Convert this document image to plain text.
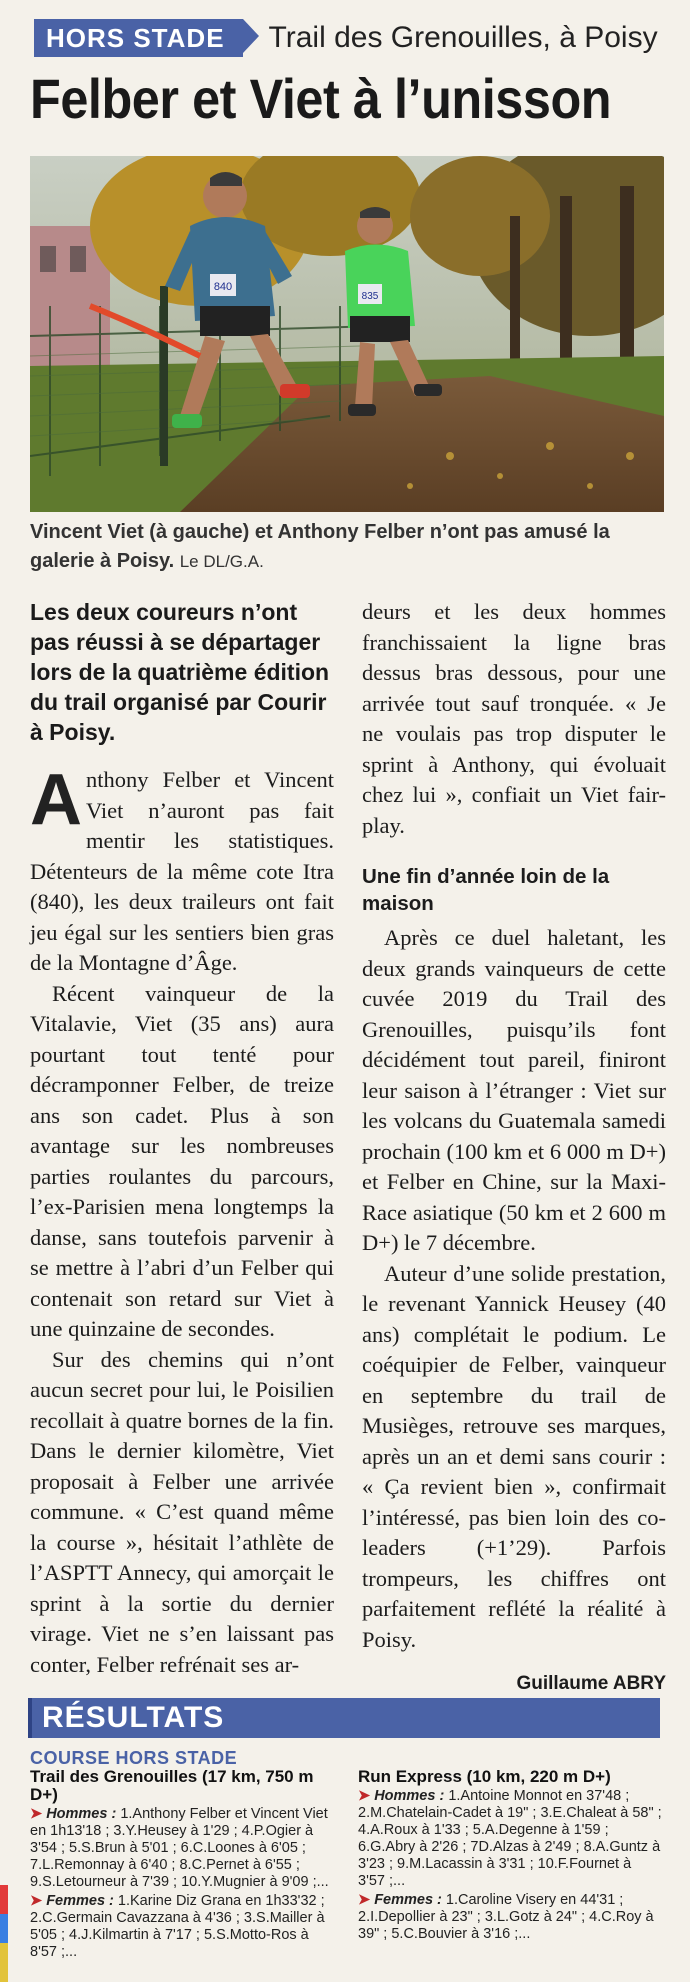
HORS STADE	Trail des Grenouilles, à Poisy
Felber et Viet à l’unisson
840
835
Vincent Viet (à gauche) et Anthony Felber n’ont pas amusé la galerie à Poisy. Le DL/G.A.
Les deux coureurs n’ont pas réussi à se départager lors de la quatrième édition du trail organisé par Courir à Poisy.

Anthony Felber et Vincent Viet n’auront pas fait mentir les statistiques. Détenteurs de la même cote Itra (840), les deux traileurs ont fait jeu égal sur les sentiers bien gras de la Montagne d’Âge.

Récent vainqueur de la Vitalavie, Viet (35 ans) aura pourtant tout tenté pour décramponner Felber, de treize ans son cadet. Plus à son avantage sur les nombreuses parties roulantes du parcours, l’ex-Parisien mena longtemps la danse, sans toutefois parvenir à se mettre à l’abri d’un Felber qui contenait son retard sur Viet à une quinzaine de secondes.

Sur des chemins qui n’ont aucun secret pour lui, le Poisilien recollait à quatre bornes de la fin. Dans le dernier kilomètre, Viet proposait à Felber une arrivée commune. « C’est quand même la course », hésitait l’athlète de l’ASPTT Annecy, qui amorçait le sprint à la sortie du dernier virage. Viet ne s’en laissant pas conter, Felber refrénait ses ar-

deurs et les deux hommes franchissaient la ligne bras dessus bras dessous, pour une arrivée tout sauf tronquée. « Je ne voulais pas trop disputer le sprint à Anthony, qui évoluait chez lui », confiait un Viet fair-play.

Une fin d’année loin de la maison

Après ce duel haletant, les deux grands vainqueurs de cette cuvée 2019 du Trail des Grenouilles, puisqu’ils font décidément tout pareil, finiront leur saison à l’étranger : Viet sur les volcans du Guatemala samedi prochain (100 km et 6 000 m D+) et Felber en Chine, sur la Maxi-Race asiatique (50 km et 2 600 m D+) le 7 décembre.

Auteur d’une solide prestation, le revenant Yannick Heusey (40 ans) complétait le podium. Le coéquipier de Felber, vainqueur en septembre du trail de Musièges, retrouve ses marques, après un an et demi sans courir : « Ça revient bien », confirmait l’intéressé, pas bien loin des co-leaders (+1’29). Parfois trompeurs, les chiffres ont parfaitement reflété la réalité à Poisy.

Guillaume ABRY
RÉSULTATS
COURSE HORS STADE
Trail des Grenouilles (17 km, 750 m D+)
➤ Hommes : 1.Anthony Felber et Vincent Viet en 1h13'18 ; 3.Y.Heusey à 1'29 ; 4.P.Ogier à 3'54 ; 5.S.Brun à 5'01 ; 6.C.Loones à 6'05 ; 7.L.Remonnay à 6'40 ; 8.C.Pernet à 6'55 ; 9.S.Letourneur à 7'39 ; 10.Y.Mugnier à 9'09 ;...
➤ Femmes : 1.Karine Diz Grana en 1h33'32 ; 2.C.Germain Cavazzana à 4'36 ; 3.S.Mailler à 5'05 ; 4.J.Kilmartin à 7'17 ; 5.S.Motto-Ros à 8'57 ;...
Run Express (10 km, 220 m D+)
➤ Hommes : 1.Antoine Monnot en 37'48 ; 2.M.Chatelain-Cadet à 19" ; 3.E.Chaleat à 58" ; 4.A.Roux à 1'33 ; 5.A.Degenne à 1'59 ; 6.G.Abry à 2'26 ; 7D.Alzas à 2'49 ; 8.A.Guntz à 3'23 ; 9.M.Lacassin à 3'31 ; 10.F.Fournet à 3'57 ;...
➤ Femmes : 1.Caroline Visery en 44'31 ; 2.I.Depollier à 23" ; 3.L.Gotz à 24" ; 4.C.Roy à 39" ; 5.C.Bouvier à 3'16 ;...
